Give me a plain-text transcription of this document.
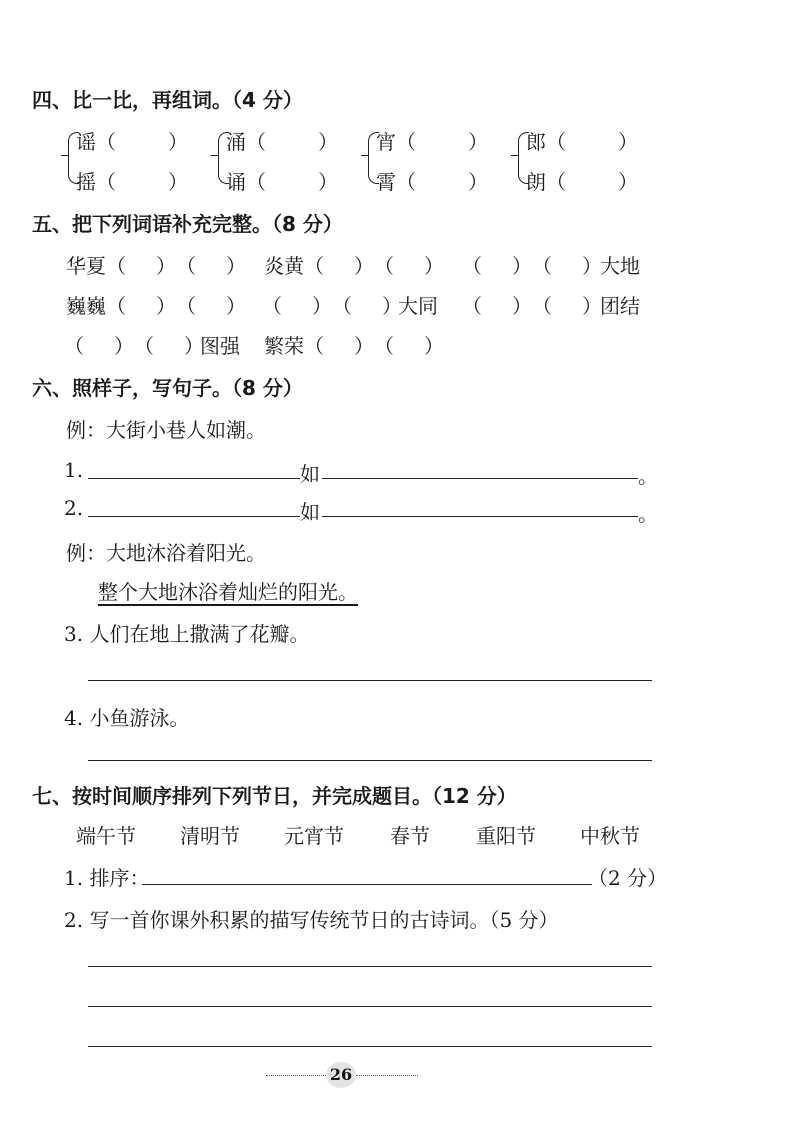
四、比一比，再组词。（4 分）
谣 （	）
摇 （	）
涌 （	）
诵 （	）
宵 （	）
霄 （	）
郎 （	）
朗 （	）
五、把下列词语补充完整。（8 分）
华夏 （ ） （ ） 炎黄 （ ） （ ） （ ） （ ）
大地
巍巍 （ ） （ ） （ ） （ ）
大同 （ ） （ ）
团结
（ ） （ ）
图强 繁荣 （ ） （ ）
六、照样子，写句子。（8 分）
例：大街小巷人如潮。
1.	如	。
2.	如	。
例：大地沐浴着阳光。
整个大地沐浴着灿烂的阳光。
3. 人们在地上撒满了花瓣。
4. 小鱼游泳。
七、按时间顺序排列下列节日，并完成题目。（12 分）
端午节 清明节 元宵节 春节 重阳节 中秋节
1. 排序：	（2 分）
2. 写一首你课外积累的描写传统节日的古诗词。（5 分）
26
